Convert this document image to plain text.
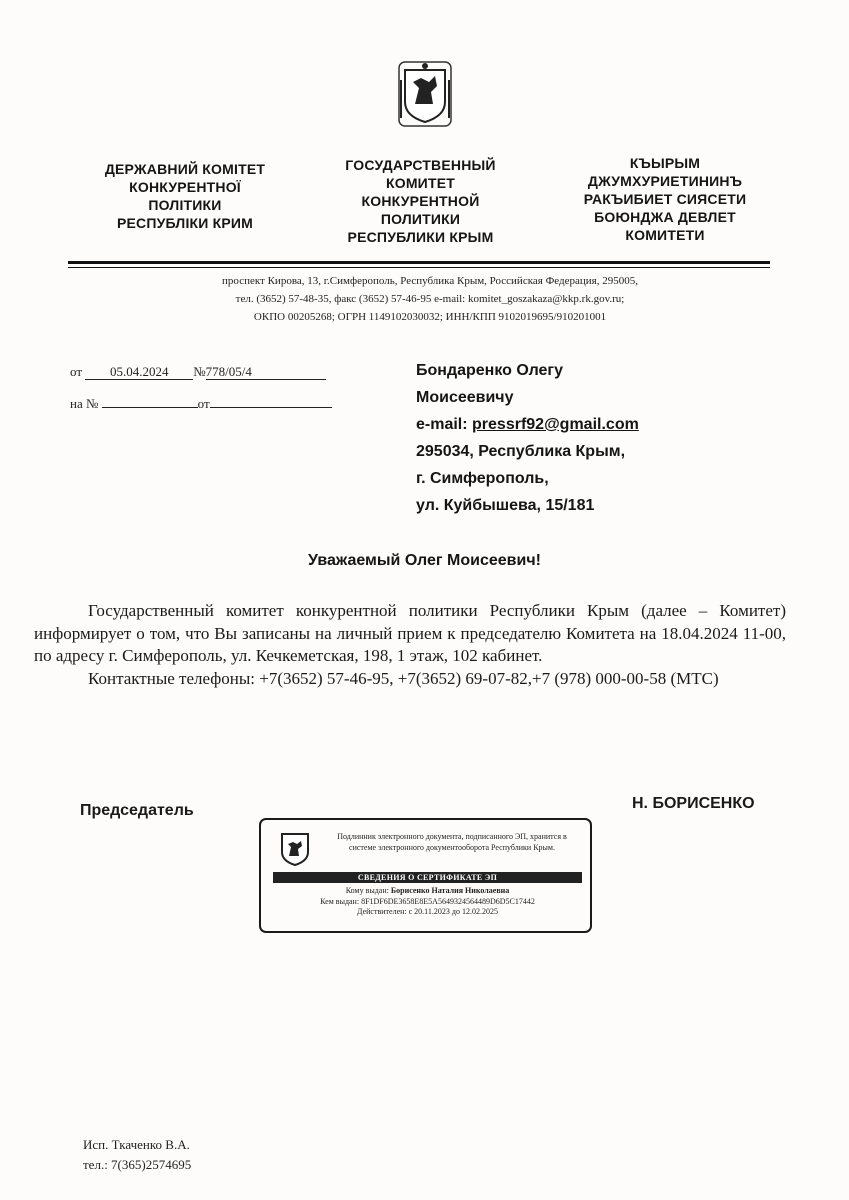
ДЕРЖАВНИЙ КОМІТЕТ
КОНКУРЕНТНОЇ
ПОЛІТИКИ
РЕСПУБЛІКИ КРИМ
ГОСУДАРСТВЕННЫЙ
КОМИТЕТ
КОНКУРЕНТНОЙ
ПОЛИТИКИ
РЕСПУБЛИКИ КРЫМ
КЪЫРЫМ
ДЖУМХУРИЕТИНИНЪ
РАКЪИБИЕТ СИЯСЕТИ
БОЮНДЖА ДЕВЛЕТ
КОМИТЕТИ
проспект Кирова, 13, г.Симферополь, Республика Крым, Российская Федерация, 295005,
тел. (3652) 57-48-35, факс (3652) 57-46-95 e-mail: komitet_goszakaza@kkp.rk.gov.ru;
ОКПО 00205268; ОГРН 1149102030032; ИНН/КПП 9102019695/910201001
от 05.04.2024 №778/05/4
на №	от
Бондаренко Олегу
Моисеевичу
e-mail: pressrf92@gmail.com
295034, Республика Крым,
г. Симферополь,
ул. Куйбышева, 15/181
Уважаемый Олег Моисеевич!

Государственный комитет конкурентной политики Республики Крым (далее – Комитет) информирует о том, что Вы записаны на личный прием к председателю Комитета на 18.04.2024 11-00, по адресу г. Симферополь, ул. Кечкеметская, 198, 1 этаж, 102 кабинет.

Контактные телефоны: +7(3652) 57-46-95, +7(3652) 69-07-82,+7 (978) 000-00-58 (МТС)

Председатель	Н. БОРИСЕНКО
Подлинник электронного документа, подписанного ЭП, хранится в системе электронного документооборота Республики Крым.
СВЕДЕНИЯ О СЕРТИФИКАТЕ ЭП
Кому выдан: Борисенко Наталия Николаевна
Кем выдан: 8F1DF6DE3658E8E5A5649324564489D6D5C17442
Действителен: с 20.11.2023 до 12.02.2025
Исп. Ткаченко В.А.
тел.: 7(365)2574695
